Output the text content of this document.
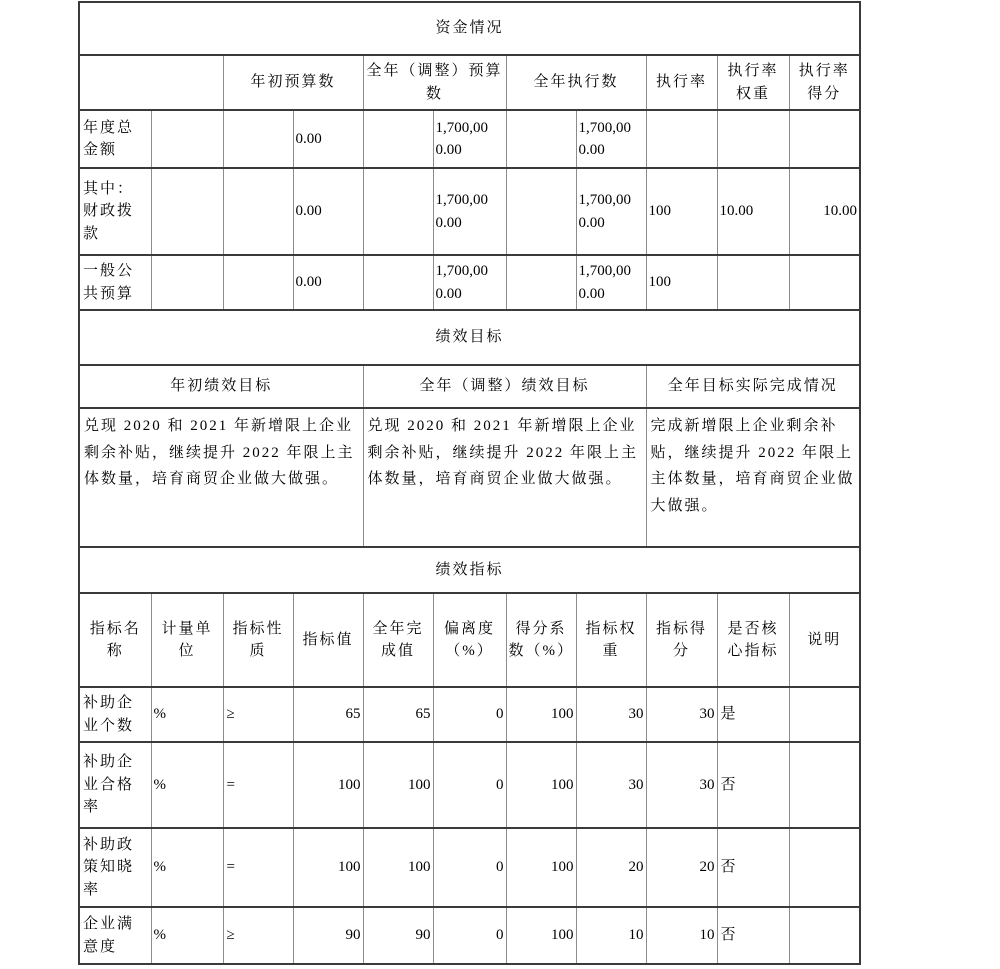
资金情况										
		年初预算数		全年（调整）预算数		全年执行数		执行率	执行率权重	执行率得分
年度总金额			0.00		1,700,000.00		1,700,000.00			
其中：财政拨款			0.00		1,700,000.00		1,700,000.00	100	10.00	10.00
一般公共预算			0.00		1,700,000.00		1,700,000.00	100		
绩效目标										
年初绩效目标				全年（调整）绩效目标				全年目标实际完成情况		
兑现 2020 和 2021 年新增限上企业剩余补贴，继续提升 2022 年限上主体数量，培育商贸企业做大做强。				兑现 2020 和 2021 年新增限上企业剩余补贴，继续提升 2022 年限上主体数量，培育商贸企业做大做强。				完成新增限上企业剩余补贴，继续提升 2022 年限上主体数量，培育商贸企业做大做强。		
绩效指标										
指标名称	计量单位	指标性质	指标值	全年完成值	偏离度（%）	得分系数（%）	指标权重	指标得分	是否核心指标	说明
补助企业个数	%	≥	65	65	0	100	30	30	是	
补助企业合格率	%	=	100	100	0	100	30	30	否	
补助政策知晓率	%	=	100	100	0	100	20	20	否	
企业满意度	%	≥	90	90	0	100	10	10	否	
